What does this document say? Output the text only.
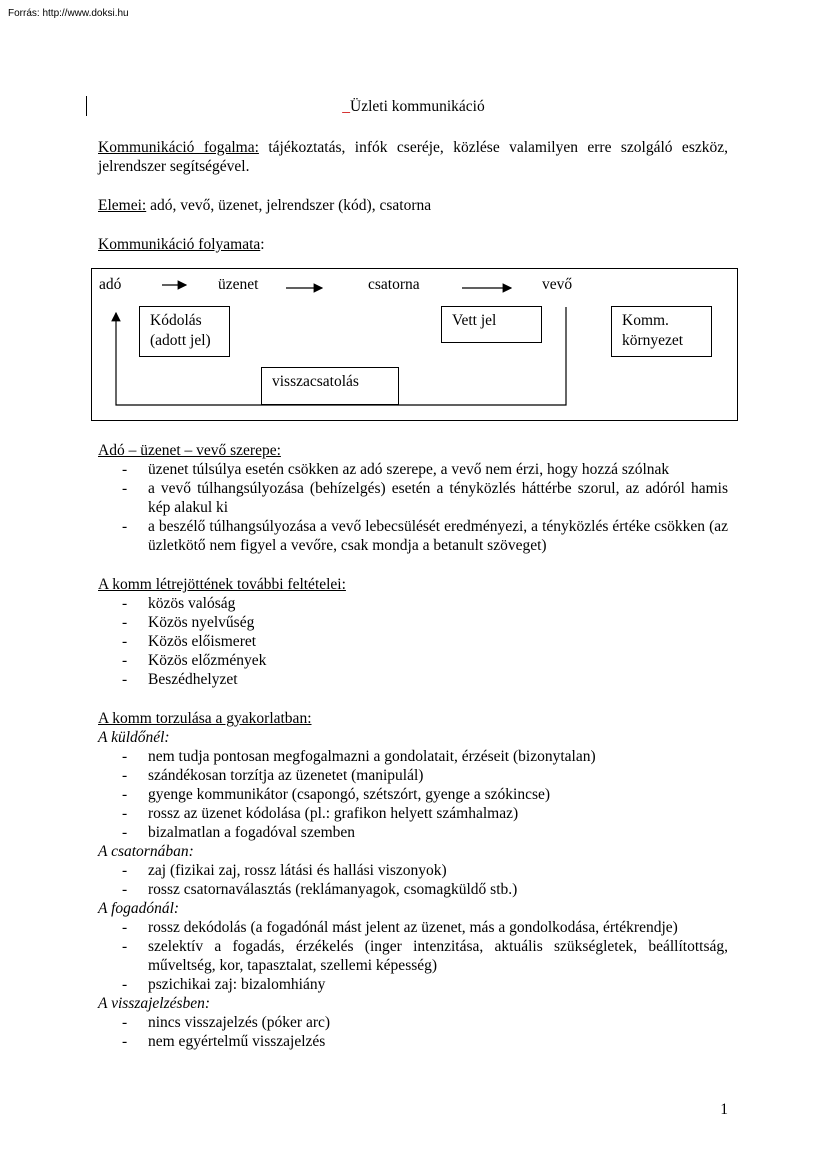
Forrás: http://www.doksi.hu
_Üzleti kommunikáció
Kommunikáció fogalma: tájékoztatás, infók cseréje, közlése valamilyen erre szolgáló eszköz, jelrendszer segítségével.
Elemei: adó, vevő, üzenet, jelrendszer (kód), csatorna
Kommunikáció folyamata:
adó	üzenet	csatorna	vevő
Kódolás
(adott jel)
Vett jel	Komm.
környezet
visszacsatolás
Adó – üzenet – vevő szerepe:
- üzenet túlsúlya esetén csökken az adó szerepe, a vevő nem érzi, hogy hozzá szólnak
- a vevő túlhangsúlyozása (behízelgés) esetén a tényközlés háttérbe szorul, az adóról hamis kép alakul ki
- a beszélő túlhangsúlyozása a vevő lebecsülését eredményezi, a tényközlés értéke csökken (az üzletkötő nem figyel a vevőre, csak mondja a betanult szöveget)
A komm létrejöttének további feltételei:
- közös valóság
- Közös nyelvűség
- Közös előismeret
- Közös előzmények
- Beszédhelyzet
A komm torzulása a gyakorlatban:
A küldőnél:
- nem tudja pontosan megfogalmazni a gondolatait, érzéseit (bizonytalan)
- szándékosan torzítja az üzenetet (manipulál)
- gyenge kommunikátor (csapongó, szétszórt, gyenge a szókincse)
- rossz az üzenet kódolása (pl.: grafikon helyett számhalmaz)
- bizalmatlan a fogadóval szemben
A csatornában:
- zaj (fizikai zaj, rossz látási és hallási viszonyok)
- rossz csatornaválasztás (reklámanyagok, csomagküldő stb.)
A fogadónál:
- rossz dekódolás (a fogadónál mást jelent az üzenet, más a gondolkodása, értékrendje)
- szelektív a fogadás, érzékelés (inger intenzitása, aktuális szükségletek, beállítottság, műveltség, kor, tapasztalat, szellemi képesség)
- pszichikai zaj: bizalomhiány
A visszajelzésben:
- nincs visszajelzés (póker arc)
- nem egyértelmű visszajelzés
1
